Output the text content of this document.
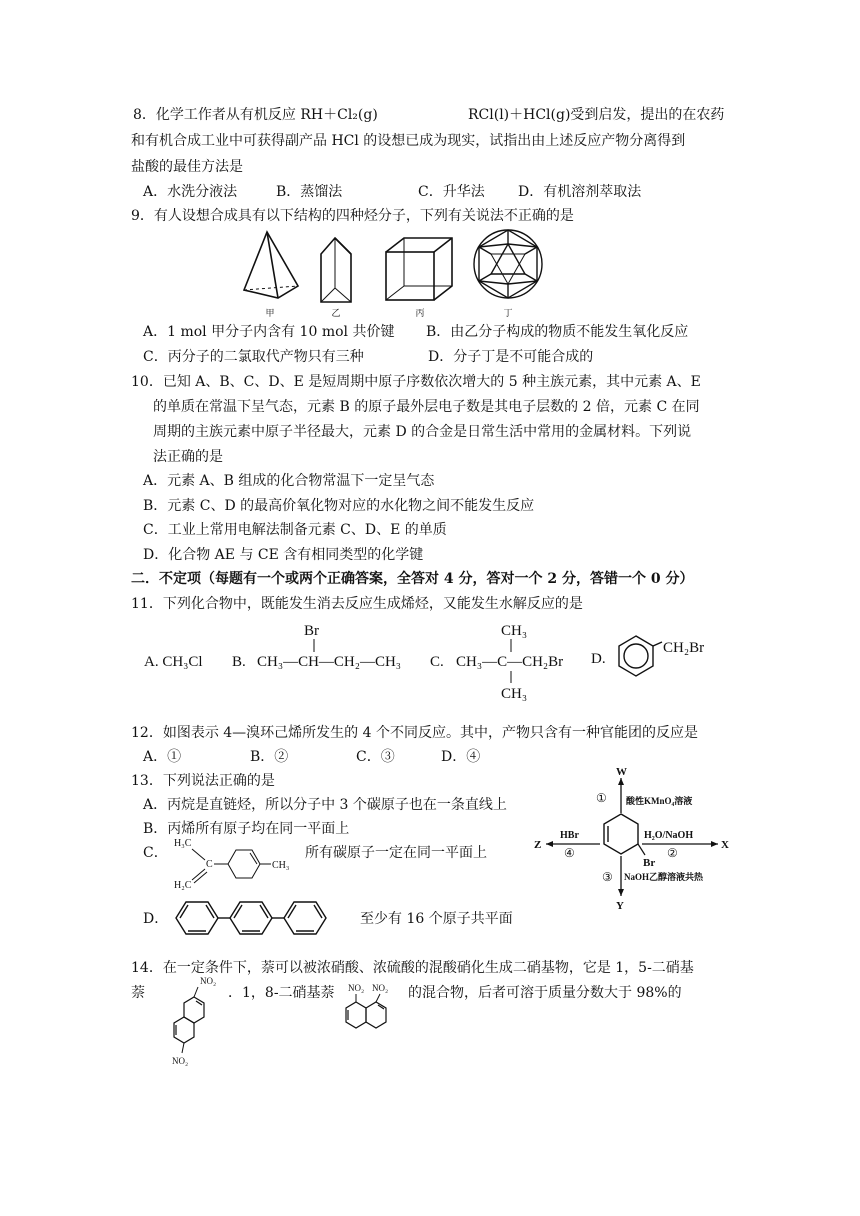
8．化学工作者从有机反应 RH＋Cl₂(g)	RCl(l)＋HCl(g)受到启发，提出的在农药
和有机合成工业中可获得副产品 HCl 的设想已成为现实，试指出由上述反应产物分离得到
盐酸的最佳方法是
A．水洗分液法	B．蒸馏法	C．升华法 D．有机溶剂萃取法
9．有人设想合成具有以下结构的四种烃分子，下列有关说法不正确的是
甲	乙	丙	丁
A．1 mol 甲分子内含有 10 mol 共价键 B．由乙分子构成的物质不能发生氧化反应
C．丙分子的二氯取代产物只有三种	D．分子丁是不可能合成的
10．已知 A、B、C、D、E 是短周期中原子序数依次增大的 5 种主族元素，其中元素 A、E
的单质在常温下呈气态，元素 B 的原子最外层电子数是其电子层数的 2 倍，元素 C 在同
周期的主族元素中原子半径最大，元素 D 的合金是日常生活中常用的金属材料。下列说
法正确的是
A．元素 A、B 组成的化合物常温下一定呈气态
B．元素 C、D 的最高价氧化物对应的水化物之间不能发生反应
C．工业上常用电解法制备元素 C、D、E 的单质
D．化合物 AE 与 CE 含有相同类型的化学键
二．不定项（每题有一个或两个正确答案，全答对 4 分，答对一个 2 分，答错一个 0 分）
11．下列化合物中，既能发生消去反应生成烯烃，又能发生水解反应的是
A. CH₃Cl B. CH₃—CH—CH₂—CH₃
Br
C. CH₃—C—CH₂Br
CH₃
CH₃
D.
CH₂Br
12．如图表示 4—溴环己烯所发生的 4 个不同反应。其中，产物只含有一种官能团的反应是
A．①	B．②	C．③	D．④
13．下列说法正确的是
A．丙烷是直链烃，所以分子中 3 个碳原子也在一条直线上
B．丙烯所有原子均在同一平面上
C．
H₃C
H₂C
C	CH₃
所有碳原子一定在同一平面上
D．	至少有 16 个原子共平面
W
① 酸性KMnO₄溶液
Br
H₂O/NaOH
②
X
HBr
④
Z
③ NaOH乙醇溶液共热
Y
14．在一定条件下，萘可以被浓硝酸、浓硫酸的混酸硝化生成二硝基物，它是 1，5-二硝基
萘	．1，8-二硝基萘	的混合物，后者可溶于质量分数大于 98%的
NO₂
NO₂
NO₂ NO₂
